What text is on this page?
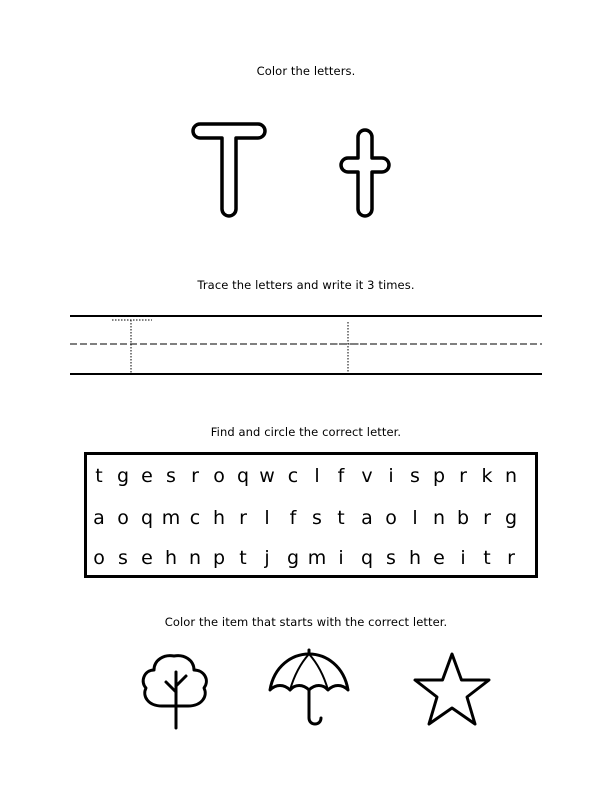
Color the letters.
Trace the letters and write it 3 times.
Find and circle the correct letter.
t g e s r o q w c l f v i s p r k n
a o q m c h r l	f s t a o l n b r g
o s e h n p t j g m i q s h e i t r
Color the item that starts with the correct letter.
